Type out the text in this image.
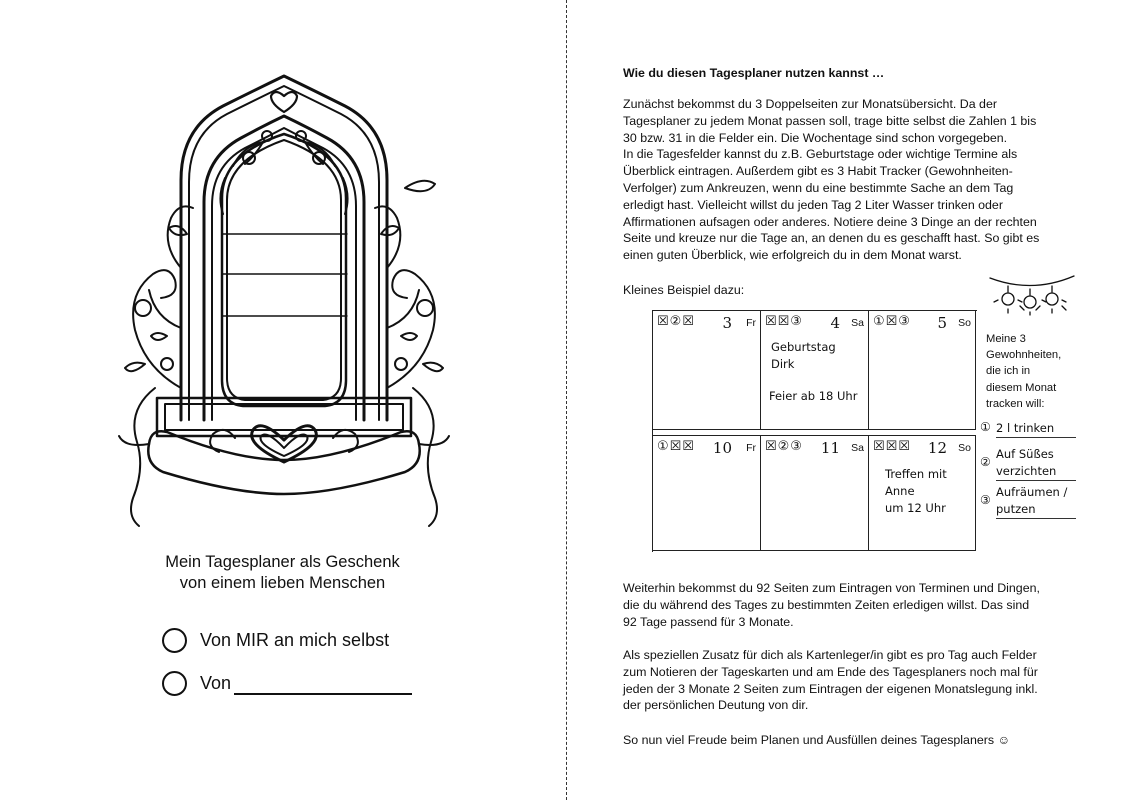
Mein Tagesplaner als Geschenk
von einem lieben Menschen
Von MIR an mich selbst
Von
Wie du diesen Tagesplaner nutzen kannst …

Zunächst bekommst du 3 Doppelseiten zur Monatsübersicht. Da der
Tagesplaner zu jedem Monat passen soll, trage bitte selbst die Zahlen 1 bis
30 bzw. 31 in die Felder ein. Die Wochentage sind schon vorgegeben.
In die Tagesfelder kannst du z.B. Geburtstage oder wichtige Termine als
Überblick eintragen. Außerdem gibt es 3 Habit Tracker (Gewohnheiten-
Verfolger) zum Ankreuzen, wenn du eine bestimmte Sache an dem Tag
erledigt hast. Vielleicht willst du jeden Tag 2 Liter Wasser trinken oder
Affirmationen aufsagen oder anderes. Notiere deine 3 Dinge an der rechten
Seite und kreuze nur die Tage an, an denen du es geschafft hast. So gibt es
einen guten Überblick, wie erfolgreich du in dem Monat warst.

Kleines Beispiel dazu:
☒②☒ 3 Fr ☒☒③ 4 Sa

Geburtstag
Dirk

Feier ab 18 Uhr
①☒③ 5 So
①☒☒ 10 Fr ☒②③ 11 Sa ☒☒☒ 12 So

Treffen mit
Anne
um 12 Uhr

Meine 3
Gewohnheiten,
die ich in
diesem Monat
tracken will:

① 2 l trinken

②

Auf Süßes
verzichten

③

Aufräumen /
putzen

Weiterhin bekommst du 92 Seiten zum Eintragen von Terminen und Dingen,
die du während des Tages zu bestimmten Zeiten erledigen willst. Das sind
92 Tage passend für 3 Monate.

Als speziellen Zusatz für dich als Kartenleger/in gibt es pro Tag auch Felder
zum Notieren der Tageskarten und am Ende des Tagesplaners noch mal für
jeden der 3 Monate 2 Seiten zum Eintragen der eigenen Monatslegung inkl.
der persönlichen Deutung von dir.

So nun viel Freude beim Planen und Ausfüllen deines Tagesplaners ☺
